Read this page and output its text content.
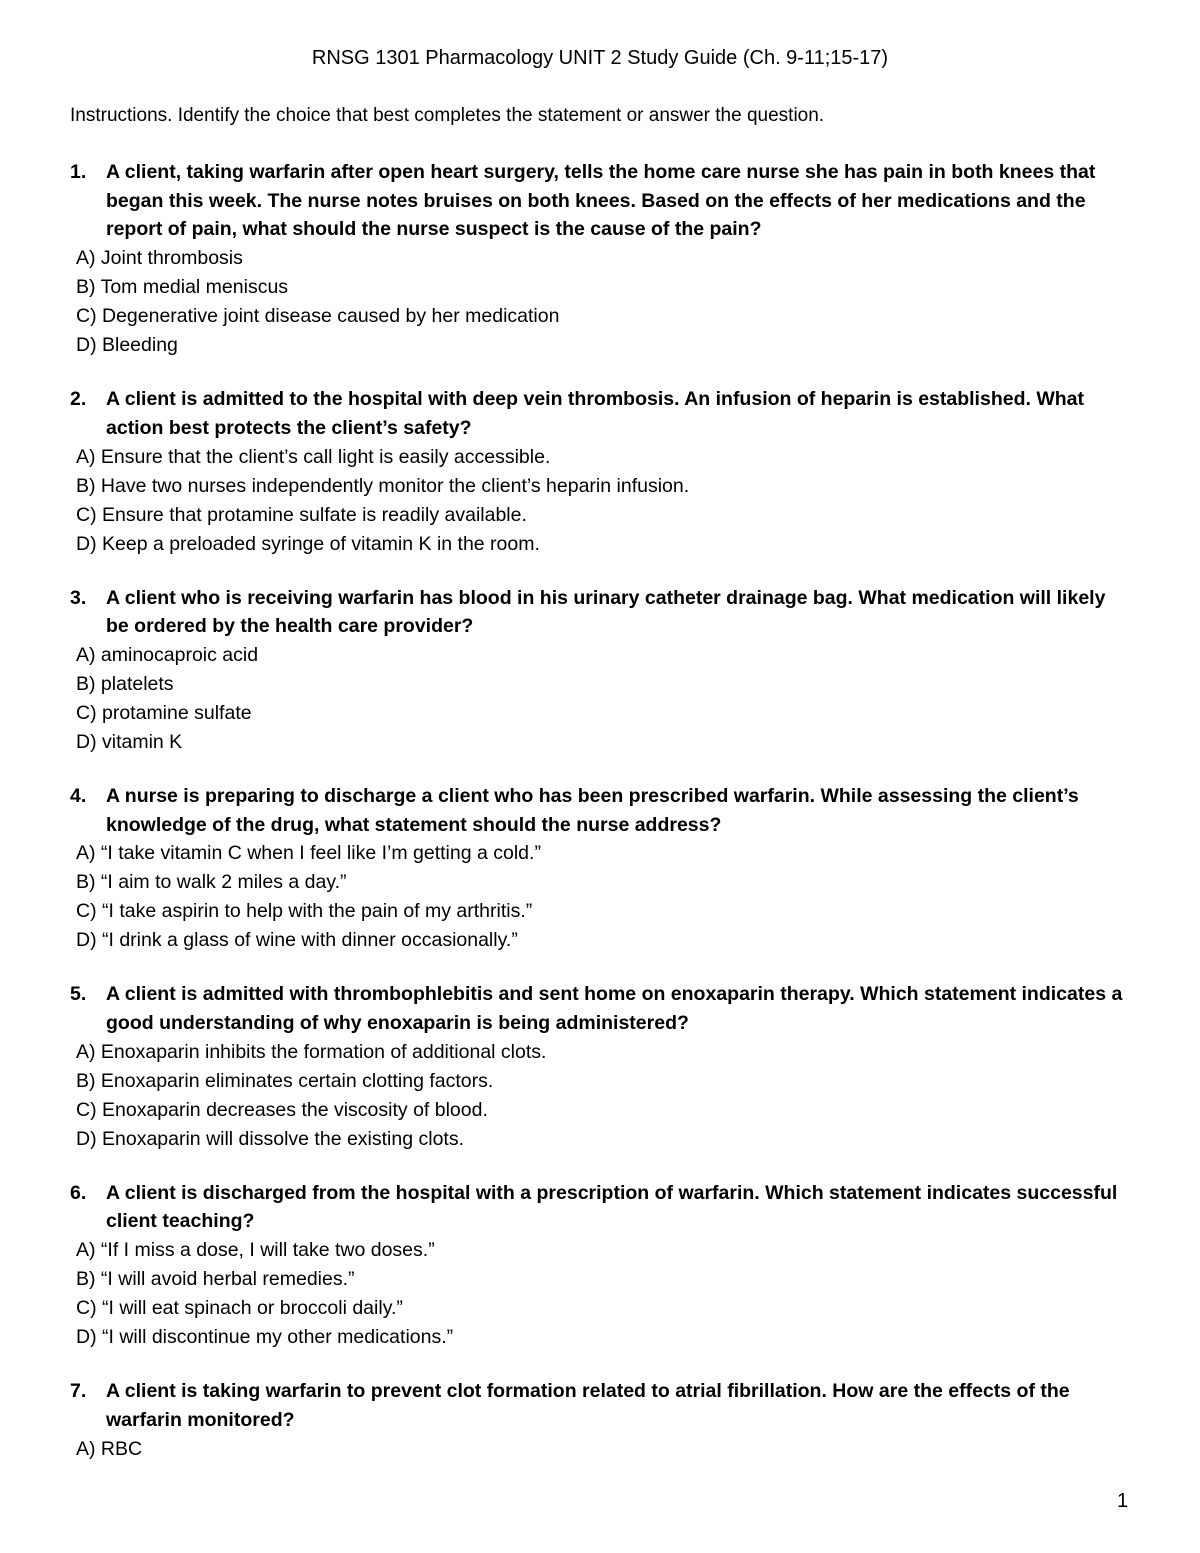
RNSG 1301 Pharmacology UNIT 2 Study Guide (Ch. 9-11;15-17)
Instructions. Identify the choice that best completes the statement or answer the question.
1.	A client, taking warfarin after open heart surgery, tells the home care nurse she has pain in both knees that began this week. The nurse notes bruises on both knees. Based on the effects of her medications and the report of pain, what should the nurse suspect is the cause of the pain?
A) Joint thrombosis
B) Tom medial meniscus
C) Degenerative joint disease caused by her medication
D) Bleeding
2.	A client is admitted to the hospital with deep vein thrombosis. An infusion of heparin is established. What action best protects the client’s safety?
A) Ensure that the client’s call light is easily accessible.
B) Have two nurses independently monitor the client’s heparin infusion.
C) Ensure that protamine sulfate is readily available.
D) Keep a preloaded syringe of vitamin K in the room.
3.	A client who is receiving warfarin has blood in his urinary catheter drainage bag. What medication will likely be ordered by the health care provider?
A) aminocaproic acid
B) platelets
C) protamine sulfate
D) vitamin K
4.	A nurse is preparing to discharge a client who has been prescribed warfarin. While assessing the client’s knowledge of the drug, what statement should the nurse address?
A) “I take vitamin C when I feel like I’m getting a cold.”
B) “I aim to walk 2 miles a day.”
C) “I take aspirin to help with the pain of my arthritis.”
D) “I drink a glass of wine with dinner occasionally.”
5.	A client is admitted with thrombophlebitis and sent home on enoxaparin therapy. Which statement indicates a good understanding of why enoxaparin is being administered?
A) Enoxaparin inhibits the formation of additional clots.
B) Enoxaparin eliminates certain clotting factors.
C) Enoxaparin decreases the viscosity of blood.
D) Enoxaparin will dissolve the existing clots.
6.	A client is discharged from the hospital with a prescription of warfarin. Which statement indicates successful client teaching?
A) “If I miss a dose, I will take two doses.”
B) “I will avoid herbal remedies.”
C) “I will eat spinach or broccoli daily.”
D) “I will discontinue my other medications.”
7.	A client is taking warfarin to prevent clot formation related to atrial fibrillation. How are the effects of the warfarin monitored?
A) RBC
1
